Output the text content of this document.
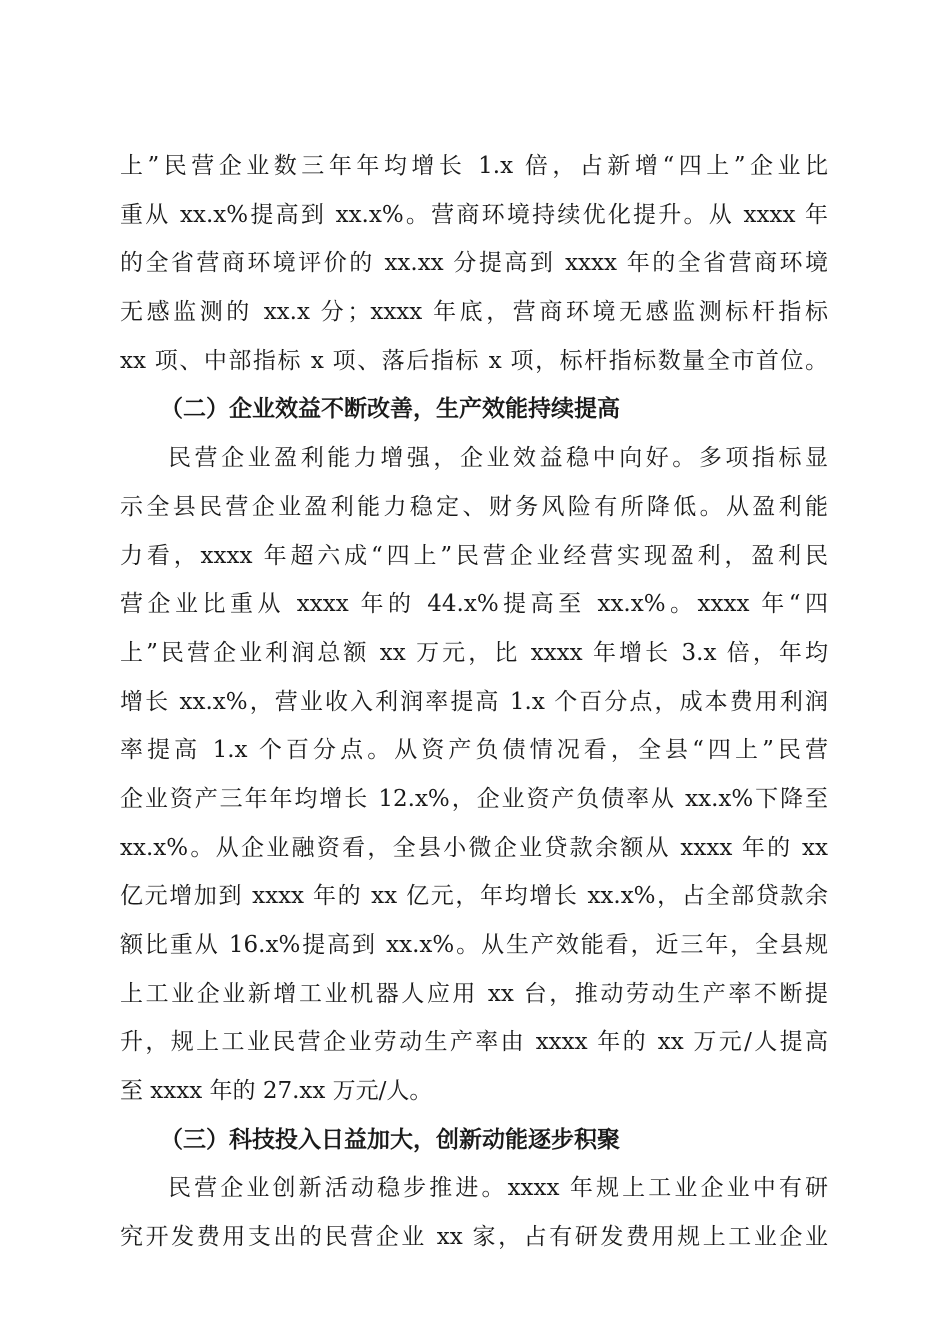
上”民营企业数三年年均增长 1.x 倍，占新增“四上”企业比
重从 xx.x%提高到 xx.x%。营商环境持续优化提升。从 xxxx 年
的全省营商环境评价的 xx.xx 分提高到 xxxx 年的全省营商环境
无感监测的 xx.x 分；xxxx 年底，营商环境无感监测标杆指标
xx 项、中部指标 x 项、落后指标 x 项，标杆指标数量全市首位。
（二）企业效益不断改善，生产效能持续提高
民营企业盈利能力增强，企业效益稳中向好。多项指标显
示全县民营企业盈利能力稳定、财务风险有所降低。从盈利能
力看，xxxx 年超六成“四上”民营企业经营实现盈利，盈利民
营企业比重从 xxxx 年的 44.x%提高至 xx.x%。xxxx 年“四
上”民营企业利润总额 xx 万元，比 xxxx 年增长 3.x 倍，年均
增长 xx.x%，营业收入利润率提高 1.x 个百分点，成本费用利润
率提高 1.x 个百分点。从资产负债情况看，全县“四上”民营
企业资产三年年均增长 12.x%，企业资产负债率从 xx.x%下降至
xx.x%。从企业融资看，全县小微企业贷款余额从 xxxx 年的 xx
亿元增加到 xxxx 年的 xx 亿元，年均增长 xx.x%，占全部贷款余
额比重从 16.x%提高到 xx.x%。从生产效能看，近三年，全县规
上工业企业新增工业机器人应用 xx 台，推动劳动生产率不断提
升，规上工业民营企业劳动生产率由 xxxx 年的 xx 万元/人提高
至 xxxx 年的 27.xx 万元/人。
（三）科技投入日益加大，创新动能逐步积聚
民营企业创新活动稳步推进。xxxx 年规上工业企业中有研
究开发费用支出的民营企业 xx 家，占有研发费用规上工业企业
